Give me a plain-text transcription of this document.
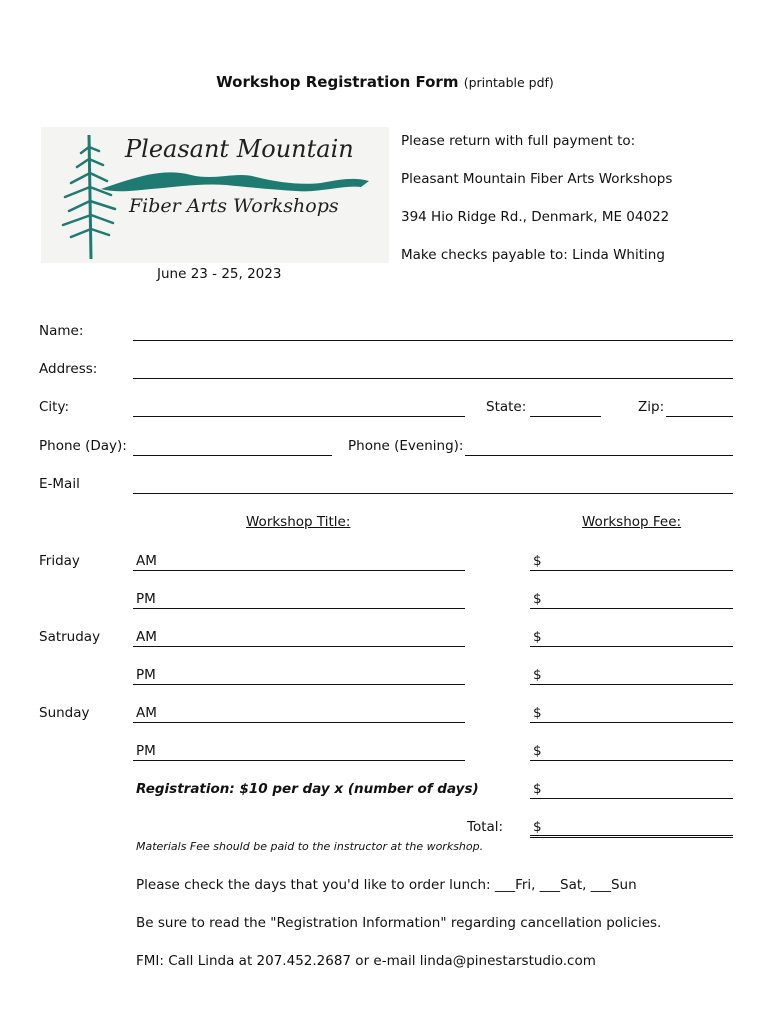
Workshop Registration Form (printable pdf)
Pleasant Mountain
Fiber Arts Workshops
June 23 - 25, 2023
Please return with full payment to:
Pleasant Mountain Fiber Arts Workshops
394 Hio Ridge Rd., Denmark, ME 04022
Make checks payable to: Linda Whiting
Name:
Address:
City:	State:	Zip:
Phone (Day):	Phone (Evening):
E-Mail
Workshop Title:	Workshop Fee:
Friday	AM	$
PM	$
Satruday	AM	$
PM	$
Sunday	AM	$
PM	$
Registration: $10 per day x (number of days)	$
Total: $
Materials Fee should be paid to the instructor at the workshop.
Please check the days that you'd like to order lunch: ___Fri, ___Sat, ___Sun
Be sure to read the "Registration Information" regarding cancellation policies.
FMI: Call Linda at 207.452.2687 or e-mail linda@pinestarstudio.com
